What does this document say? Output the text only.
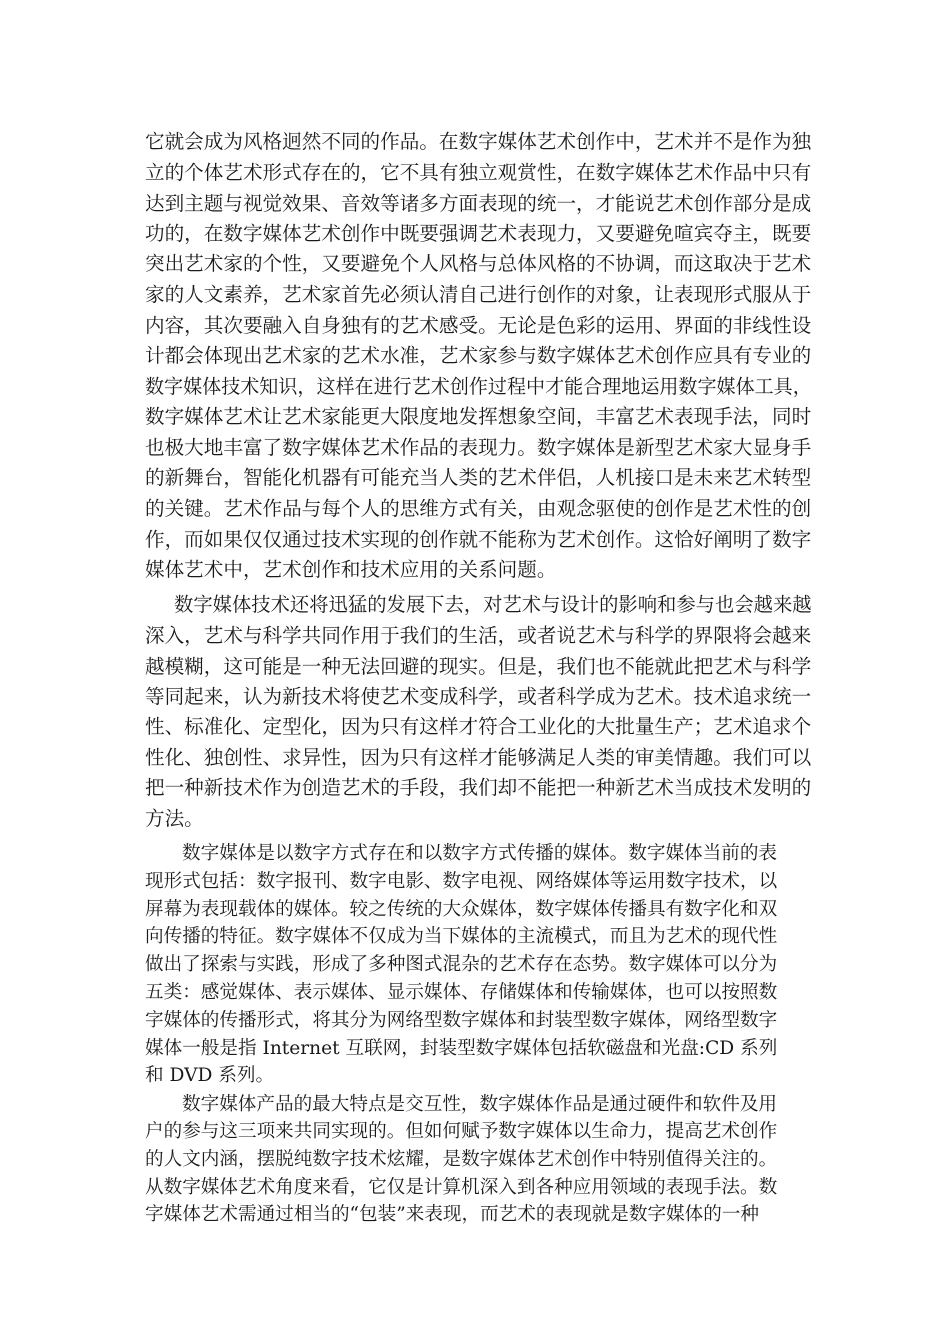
它就会成为风格迥然不同的作品。在数字媒体艺术创作中，艺术并不是作为独
立的个体艺术形式存在的，它不具有独立观赏性，在数字媒体艺术作品中只有
达到主题与视觉效果、音效等诸多方面表现的统一，才能说艺术创作部分是成
功的，在数字媒体艺术创作中既要强调艺术表现力，又要避免喧宾夺主，既要
突出艺术家的个性，又要避免个人风格与总体风格的不协调，而这取决于艺术
家的人文素养，艺术家首先必须认清自己进行创作的对象，让表现形式服从于
内容，其次要融入自身独有的艺术感受。无论是色彩的运用、界面的非线性设
计都会体现出艺术家的艺术水准，艺术家参与数字媒体艺术创作应具有专业的
数字媒体技术知识，这样在进行艺术创作过程中才能合理地运用数字媒体工具，
数字媒体艺术让艺术家能更大限度地发挥想象空间，丰富艺术表现手法，同时
也极大地丰富了数字媒体艺术作品的表现力。数字媒体是新型艺术家大显身手
的新舞台，智能化机器有可能充当人类的艺术伴侣，人机接口是未来艺术转型
的关键。艺术作品与每个人的思维方式有关，由观念驱使的创作是艺术性的创
作，而如果仅仅通过技术实现的创作就不能称为艺术创作。这恰好阐明了数字
媒体艺术中，艺术创作和技术应用的关系问题。
数字媒体技术还将迅猛的发展下去，对艺术与设计的影响和参与也会越来越
深入，艺术与科学共同作用于我们的生活，或者说艺术与科学的界限将会越来
越模糊，这可能是一种无法回避的现实。但是，我们也不能就此把艺术与科学
等同起来，认为新技术将使艺术变成科学，或者科学成为艺术。技术追求统一
性、标准化、定型化，因为只有这样才符合工业化的大批量生产；艺术追求个
性化、独创性、求异性，因为只有这样才能够满足人类的审美情趣。我们可以
把一种新技术作为创造艺术的手段，我们却不能把一种新艺术当成技术发明的
方法。
数字媒体是以数字方式存在和以数字方式传播的媒体。数字媒体当前的表
现形式包括：数字报刊、数字电影、数字电视、网络媒体等运用数字技术，以
屏幕为表现载体的媒体。较之传统的大众媒体，数字媒体传播具有数字化和双
向传播的特征。数字媒体不仅成为当下媒体的主流模式，而且为艺术的现代性
做出了探索与实践，形成了多种图式混杂的艺术存在态势。数字媒体可以分为
五类：感觉媒体、表示媒体、显示媒体、存储媒体和传输媒体，也可以按照数
字媒体的传播形式，将其分为网络型数字媒体和封装型数字媒体，网络型数字
媒体一般是指 Internet 互联网，封装型数字媒体包括软磁盘和光盘:CD 系列
和 DVD 系列。
数字媒体产品的最大特点是交互性，数字媒体作品是通过硬件和软件及用
户的参与这三项来共同实现的。但如何赋予数字媒体以生命力，提高艺术创作
的人文内涵，摆脱纯数字技术炫耀，是数字媒体艺术创作中特别值得关注的。
从数字媒体艺术角度来看，它仅是计算机深入到各种应用领域的表现手法。数
字媒体艺术需通过相当的“包装”来表现，而艺术的表现就是数字媒体的一种
